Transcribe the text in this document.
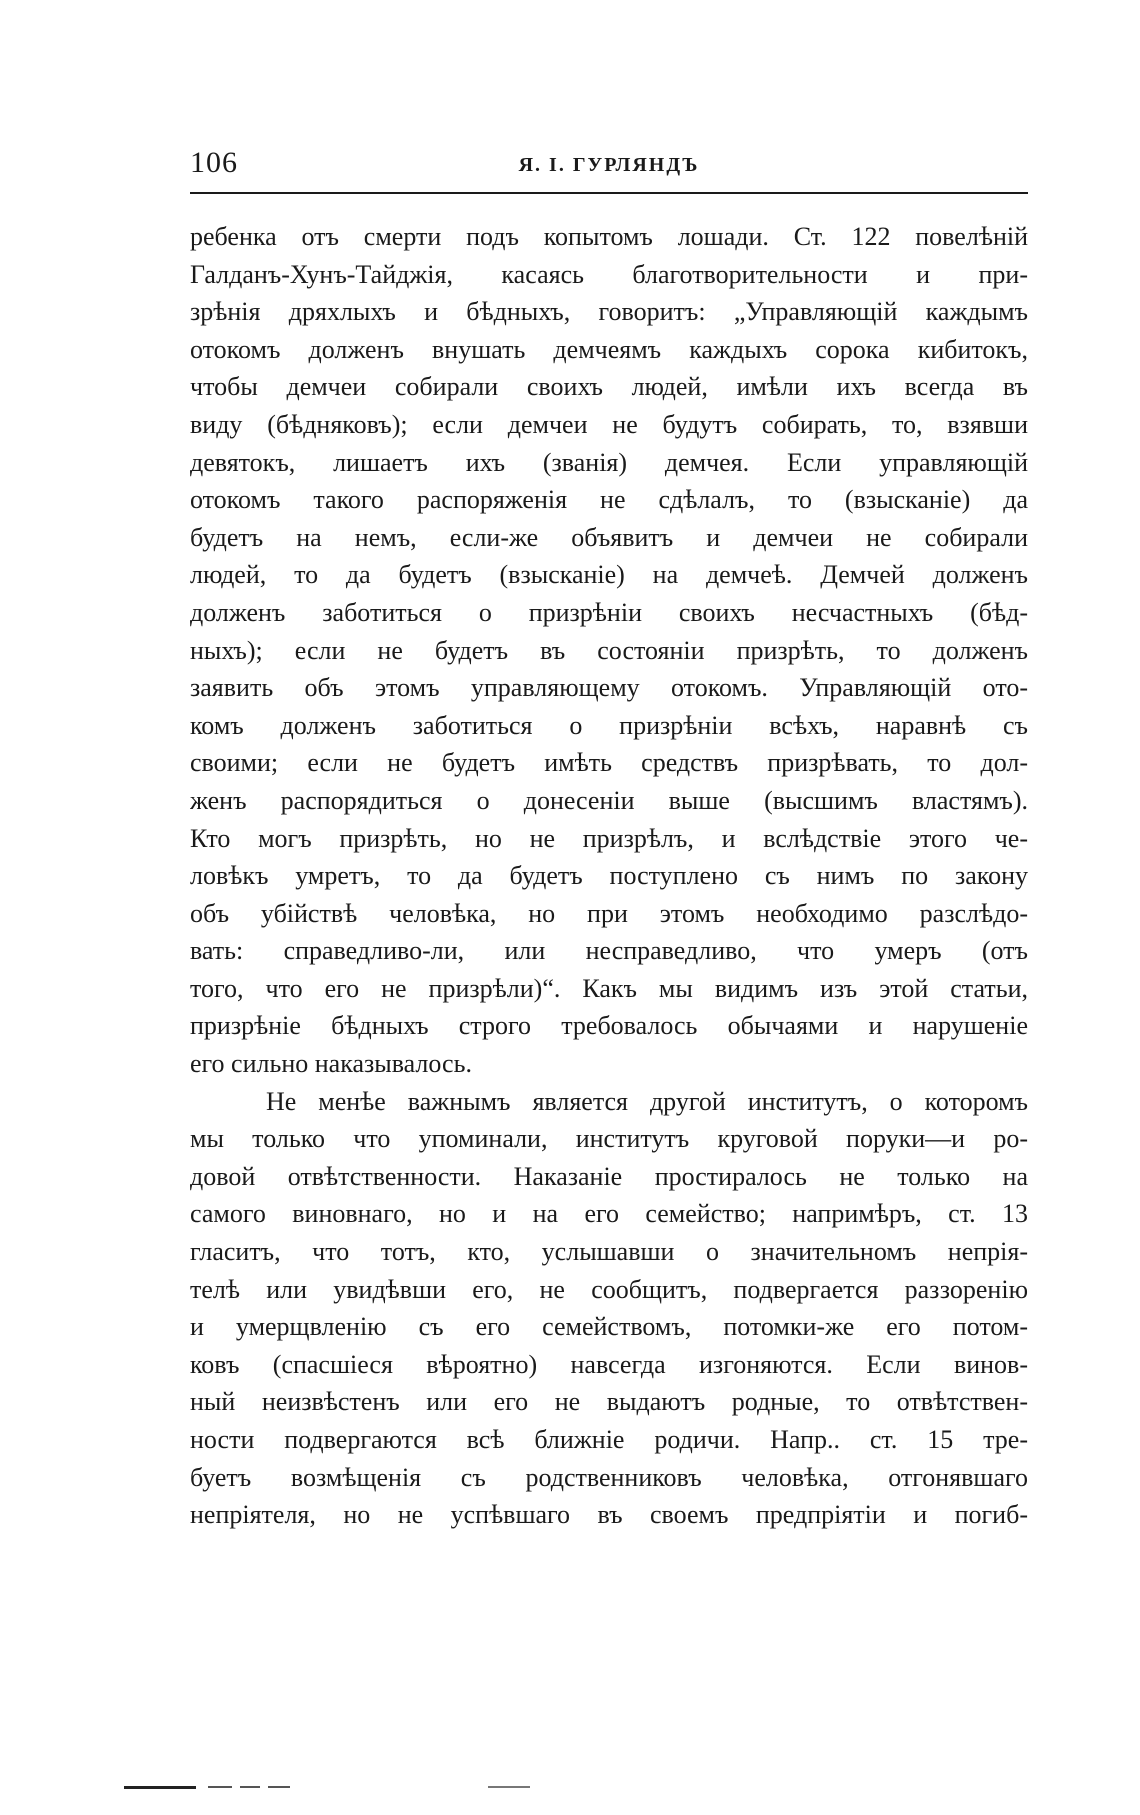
106	Я. І. ГУРЛЯНДЪ
ребенка отъ смерти подъ копытомъ лошади. Ст. 122 повелѣній
Галданъ-Хунъ-Тайджія, касаясь благотворительности и при-
зрѣнія дряхлыхъ и бѣдныхъ, говоритъ: „Управляющій каждымъ
отокомъ долженъ внушать демчеямъ каждыхъ сорока кибитокъ,
чтобы демчеи собирали своихъ людей, имѣли ихъ всегда въ
виду (бѣдняковъ); если демчеи не будутъ собирать, то, взявши
девятокъ, лишаетъ ихъ (званія) демчея. Если управляющій
отокомъ такого распоряженія не сдѣлалъ, то (взысканіе) да
будетъ на немъ, если-же объявитъ и демчеи не собирали
людей, то да будетъ (взысканіе) на демчеѣ. Демчей долженъ
долженъ заботиться о призрѣніи своихъ несчастныхъ (бѣд-
ныхъ); если не будетъ въ состояніи призрѣть, то долженъ
заявить объ этомъ управляющему отокомъ. Управляющій ото-
комъ долженъ заботиться о призрѣніи всѣхъ, наравнѣ съ
своими; если не будетъ имѣть средствъ призрѣвать, то дол-
женъ распорядиться о донесеніи выше (высшимъ властямъ).
Кто могъ призрѣть, но не призрѣлъ, и вслѣдствіе этого че-
ловѣкъ умретъ, то да будетъ поступлено съ нимъ по закону
объ убійствѣ человѣка, но при этомъ необходимо разслѣдо-
вать: справедливо-ли, или несправедливо, что умеръ (отъ
того, что его не призрѣли)“. Какъ мы видимъ изъ этой статьи,
призрѣніе бѣдныхъ строго требовалось обычаями и нарушеніе
его сильно наказывалось.
Не менѣе важнымъ является другой институтъ, о которомъ
мы только что упоминали, институтъ круговой поруки—и ро-
довой отвѣтственности. Наказаніе простиралось не только на
самого виновнаго, но и на его семейство; напримѣръ, ст. 13
гласитъ, что тотъ, кто, услышавши о значительномъ непрія-
телѣ или увидѣвши его, не сообщитъ, подвергается раззоренію
и умерщвленію съ его семействомъ, потомки-же его потом-
ковъ (спасшіеся вѣроятно) навсегда изгоняются. Если винов-
ный неизвѣстенъ или его не выдаютъ родные, то отвѣтствен-
ности подвергаются всѣ ближніе родичи. Напр.. ст. 15 тре-
буетъ возмѣщенія съ родственниковъ человѣка, отгонявшаго
непріятеля, но не успѣвшаго въ своемъ предпріятіи и погиб-
